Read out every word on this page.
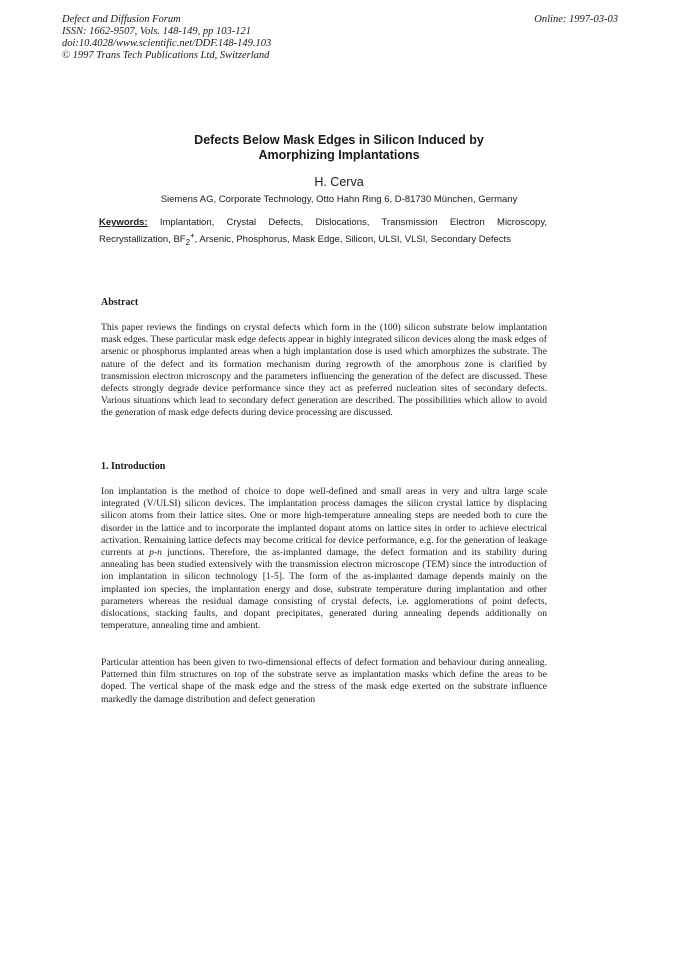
Defect and Diffusion Forum
ISSN: 1662-9507, Vols. 148-149, pp 103-121
doi:10.4028/www.scientific.net/DDF.148-149.103
© 1997 Trans Tech Publications Ltd, Switzerland
Online: 1997-03-03
Defects Below Mask Edges in Silicon Induced by
Amorphizing Implantations
H. Cerva
Siemens AG, Corporate Technology, Otto Hahn Ring 6, D-81730 München, Germany
Keywords: Implantation, Crystal Defects, Dislocations, Transmission Electron Microscopy, Recrystallization, $BF_2^+$, Arsenic, Phosphorus, Mask Edge, Silicon, ULSI, VLSI, Secondary Defects
Abstract
This paper reviews the findings on crystal defects which form in the (100) silicon substrate below implantation mask edges. These particular mask edge defects appear in highly integrated silicon devices along the mask edges of arsenic or phosphorus implanted areas when a high implantation dose is used which amorphizes the substrate. The nature of the defect and its formation mechanism during regrowth of the amorphous zone is clarified by transmission electron microscopy and the parameters influencing the generation of the defect are discussed. These defects strongly degrade device performance since they act as preferred nucleation sites of secondary defects. Various situations which lead to secondary defect generation are described. The possibilities which allow to avoid the generation of mask edge defects during device processing are discussed.
1. Introduction
Ion implantation is the method of choice to dope well-defined and small areas in very and ultra large scale integrated (V/ULSI) silicon devices. The implantation process damages the silicon crystal lattice by displacing silicon atoms from their lattice sites. One or more high-temperature annealing steps are needed both to cure the disorder in the lattice and to incorporate the implanted dopant atoms on lattice sites in order to achieve electrical activation. Remaining lattice defects may become critical for device performance, e.g. for the generation of leakage currents at p-n junctions. Therefore, the as-implanted damage, the defect formation and its stability during annealing has been studied extensively with the transmission electron microscope (TEM) since the introduction of ion implantation in silicon technology [1-5]. The form of the as-implanted damage depends mainly on the implanted ion species, the implantation energy and dose, substrate temperature during implantation and other parameters whereas the residual damage consisting of crystal defects, i.e. agglomerations of point defects, dislocations, stacking faults, and dopant precipitates, generated during annealing depends additionally on temperature, annealing time and ambient.
Particular attention has been given to two-dimensional effects of defect formation and behaviour during annealing. Patterned thin film structures on top of the substrate serve as implantation masks which define the areas to be doped. The vertical shape of the mask edge and the stress of the mask edge exerted on the substrate influence markedly the damage distribution and defect generation
